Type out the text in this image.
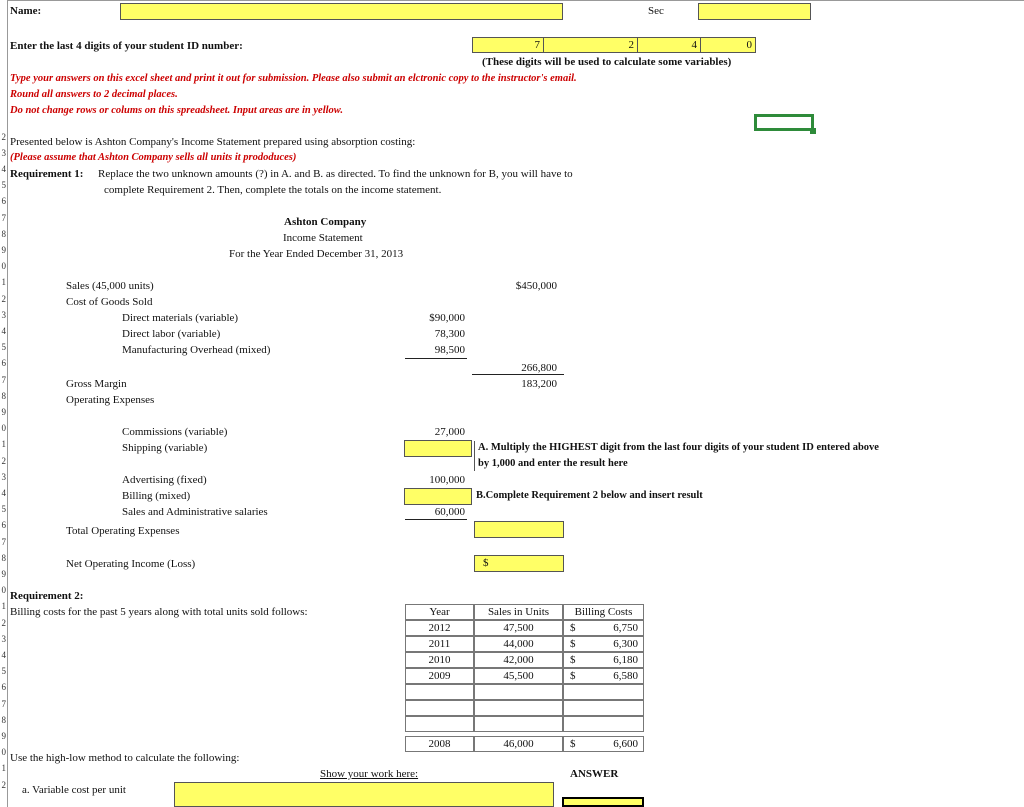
2
3
4
5
6
7
8
9
0
1
2
3
4
5
6
7
8
9
0
1
2
3
4
5
6
7
8
9
0
1
2
3
4
5
6
7
8
9
0
1
2
Name:	Sec
Enter the last 4 digits of your student ID number:	7	2	4	0
(These digits will be used to calculate some variables)
Type your answers on this excel sheet and print it out for submission. Please also submit an elctronic copy to the instructor's email.
Round all answers to 2 decimal places.
Do not change rows or colums on this spreadsheet. Input areas are in yellow.
Presented below is Ashton Company's Income Statement prepared using absorption costing:
(Please assume that Ashton Company sells all units it prododuces)
Requirement 1: Replace the two unknown amounts (?) in A. and B. as directed. To find the unknown for B, you will have to
complete Requirement 2. Then, complete the totals on the income statement.
Ashton Company
Income Statement
For the Year Ended December 31, 2013
Sales (45,000 units)	$450,000
Cost of Goods Sold
Direct materials (variable)	$90,000
Direct labor (variable)	78,300
Manufacturing Overhead (mixed)	98,500
266,800
Gross Margin	183,200
Operating Expenses
Commissions (variable)	27,000
Shipping (variable)	A. Multiply the HIGHEST digit from the last four digits of your student ID entered above
by 1,000 and enter the result here
Advertising (fixed)	100,000
Billing (mixed)	B.Complete Requirement 2 below and insert result
Sales and Administrative salaries	60,000
Total Operating Expenses
Net Operating Income (Loss)	$
Requirement 2:
Billing costs for the past 5 years along with total units sold follows:	Year	Sales in Units	Billing Costs
2012	47,500	$	6,750
2011	44,000	$	6,300
2010	42,000	$	6,180
2009	45,500	$	6,580
2008	46,000	$	6,600
Use the high-low method to calculate the following:
Show your work here:	ANSWER
a. Variable cost per unit
